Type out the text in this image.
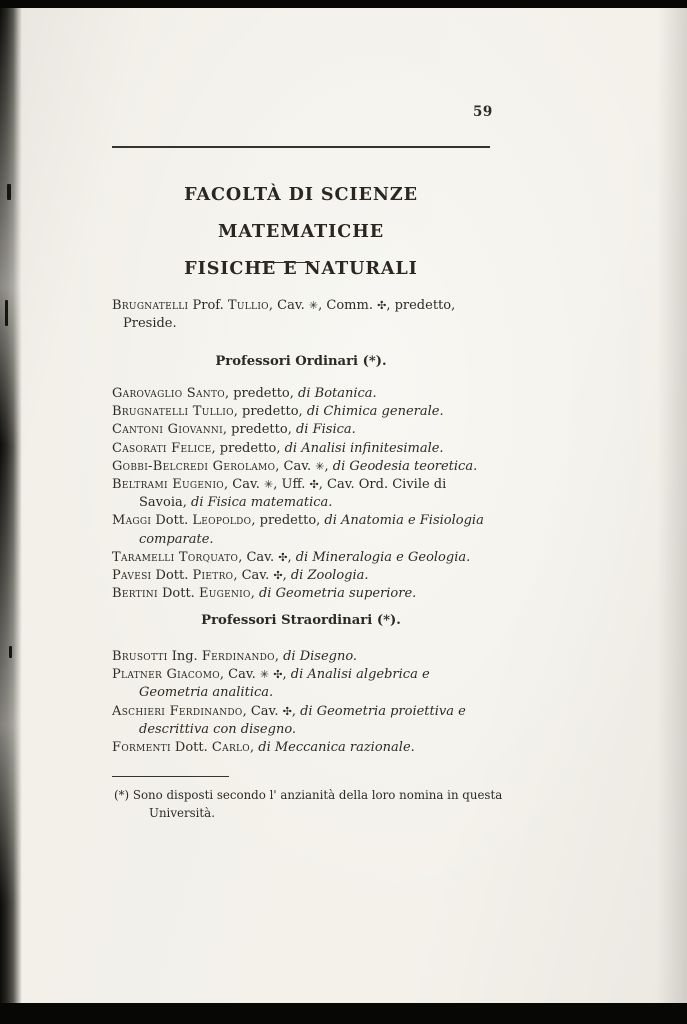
59
FACOLTÀ DI SCIENZE MATEMATICHE
FISICHE E NATURALI

Brugnatelli Prof. Tullio, Cav. ✳, Comm. ✣, predetto, Preside.

Professori Ordinari (*).

Garovaglio Santo, predetto, di Botanica.

Brugnatelli Tullio, predetto, di Chimica generale.

Cantoni Giovanni, predetto, di Fisica.

Casorati Felice, predetto, di Analisi infinitesimale.

Gobbi-Belcredi Gerolamo, Cav. ✳, di Geodesia teoretica.

Beltrami Eugenio, Cav. ✳, Uff. ✣, Cav. Ord. Civile di Savoia, di Fisica matematica.

Maggi Dott. Leopoldo, predetto, di Anatomia e Fisiologia comparate.

Taramelli Torquato, Cav. ✣, di Mineralogia e Geologia.

Pavesi Dott. Pietro, Cav. ✣, di Zoologia.

Bertini Dott. Eugenio, di Geometria superiore.

Professori Straordinari (*).

Brusotti Ing. Ferdinando, di Disegno.

Platner Giacomo, Cav. ✳ ✣, di Analisi algebrica e Geometria analitica.

Aschieri Ferdinando, Cav. ✣, di Geometria proiettiva e descrittiva con disegno.

Formenti Dott. Carlo, di Meccanica razionale.

(*) Sono disposti secondo l' anzianità della loro nomina in questa Università.
